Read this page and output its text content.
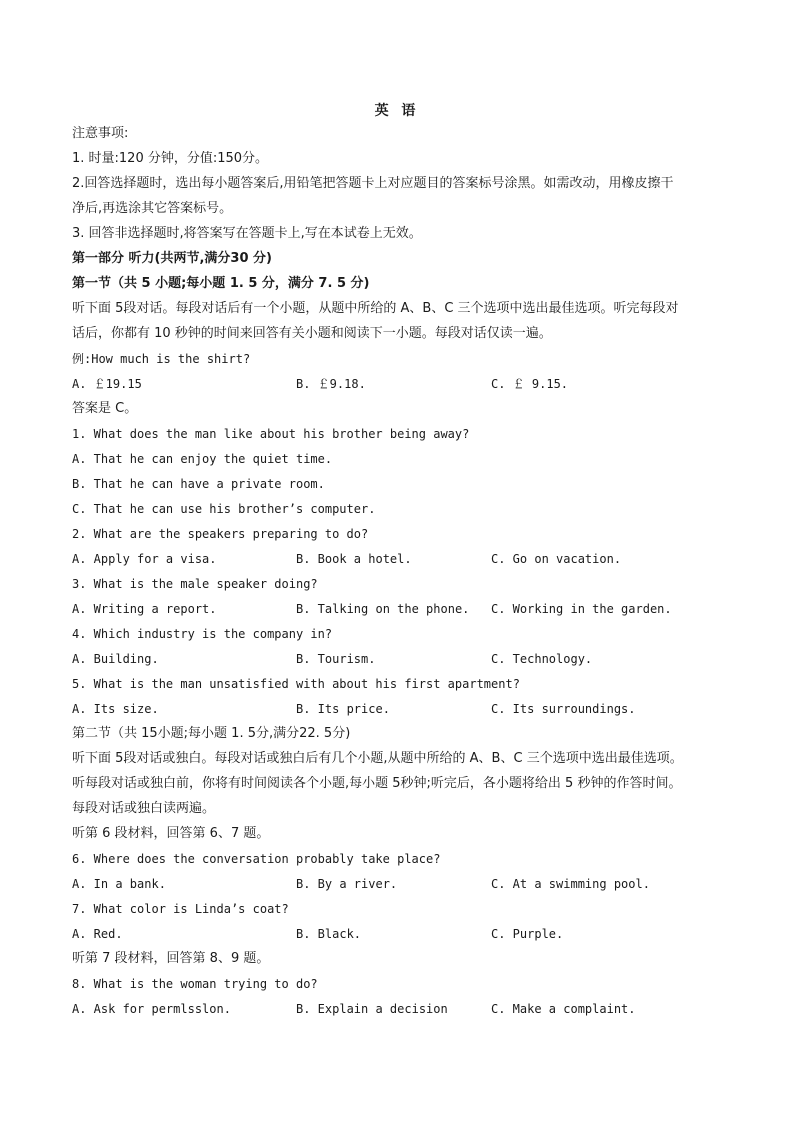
英 语
注意事项:
1. 时量:120 分钟，分值:150分。
2.回答选择题时，选出每小题答案后,用铅笔把答题卡上对应题目的答案标号涂黑。如需改动，用橡皮擦干
净后,再选涂其它答案标号。
3. 回答非选择题时,将答案写在答题卡上,写在本试卷上无效。
第一部分 听力(共两节,满分30 分)
第一节（共 5 小题;每小题 1. 5 分，满分 7. 5 分)
听下面 5段对话。每段对话后有一个小题，从题中所给的 A、B、C 三个选项中选出最佳选项。听完每段对
话后，你都有 10 秒钟的时间来回答有关小题和阅读下一小题。每段对话仅读一遍。
例:How much is the shirt?
A. ￡19.15	B. ￡9.18.	C. ￡ 9.15.
答案是 C。
1. What does the man like about his brother being away?
A. That he can enjoy the quiet time.
B. That he can have a private room.
C. That he can use his brother’s computer.
2. What are the speakers preparing to do?
A. Apply for a visa.	B. Book a hotel.	C. Go on vacation.
3. What is the male speaker doing?
A. Writing a report.	B. Talking on the phone. C. Working in the garden.
4. Which industry is the company in?
A. Building.	B. Tourism.	C. Technology.
5. What is the man unsatisfied with about his first apartment?
A. Its size.	B. Its price.	C. Its surroundings.
第二节（共 15小题;每小题 1. 5分,满分22. 5分)
听下面 5段对话或独白。每段对话或独白后有几个小题,从题中所给的 A、B、C 三个选项中选出最佳选项。
听每段对话或独白前，你将有时间阅读各个小题,每小题 5秒钟;听完后，各小题将给出 5 秒钟的作答时间。
每段对话或独白读两遍。
听第 6 段材料，回答第 6、7 题。
6. Where does the conversation probably take place?
A. In a bank.	B. By a river.	C. At a swimming pool.
7. What color is Linda’s coat?
A. Red.	B. Black.	C. Purple.
听第 7 段材料，回答第 8、9 题。
8. What is the woman trying to do?
A. Ask for permlsslon.	B. Explain a decision	C. Make a complaint.
